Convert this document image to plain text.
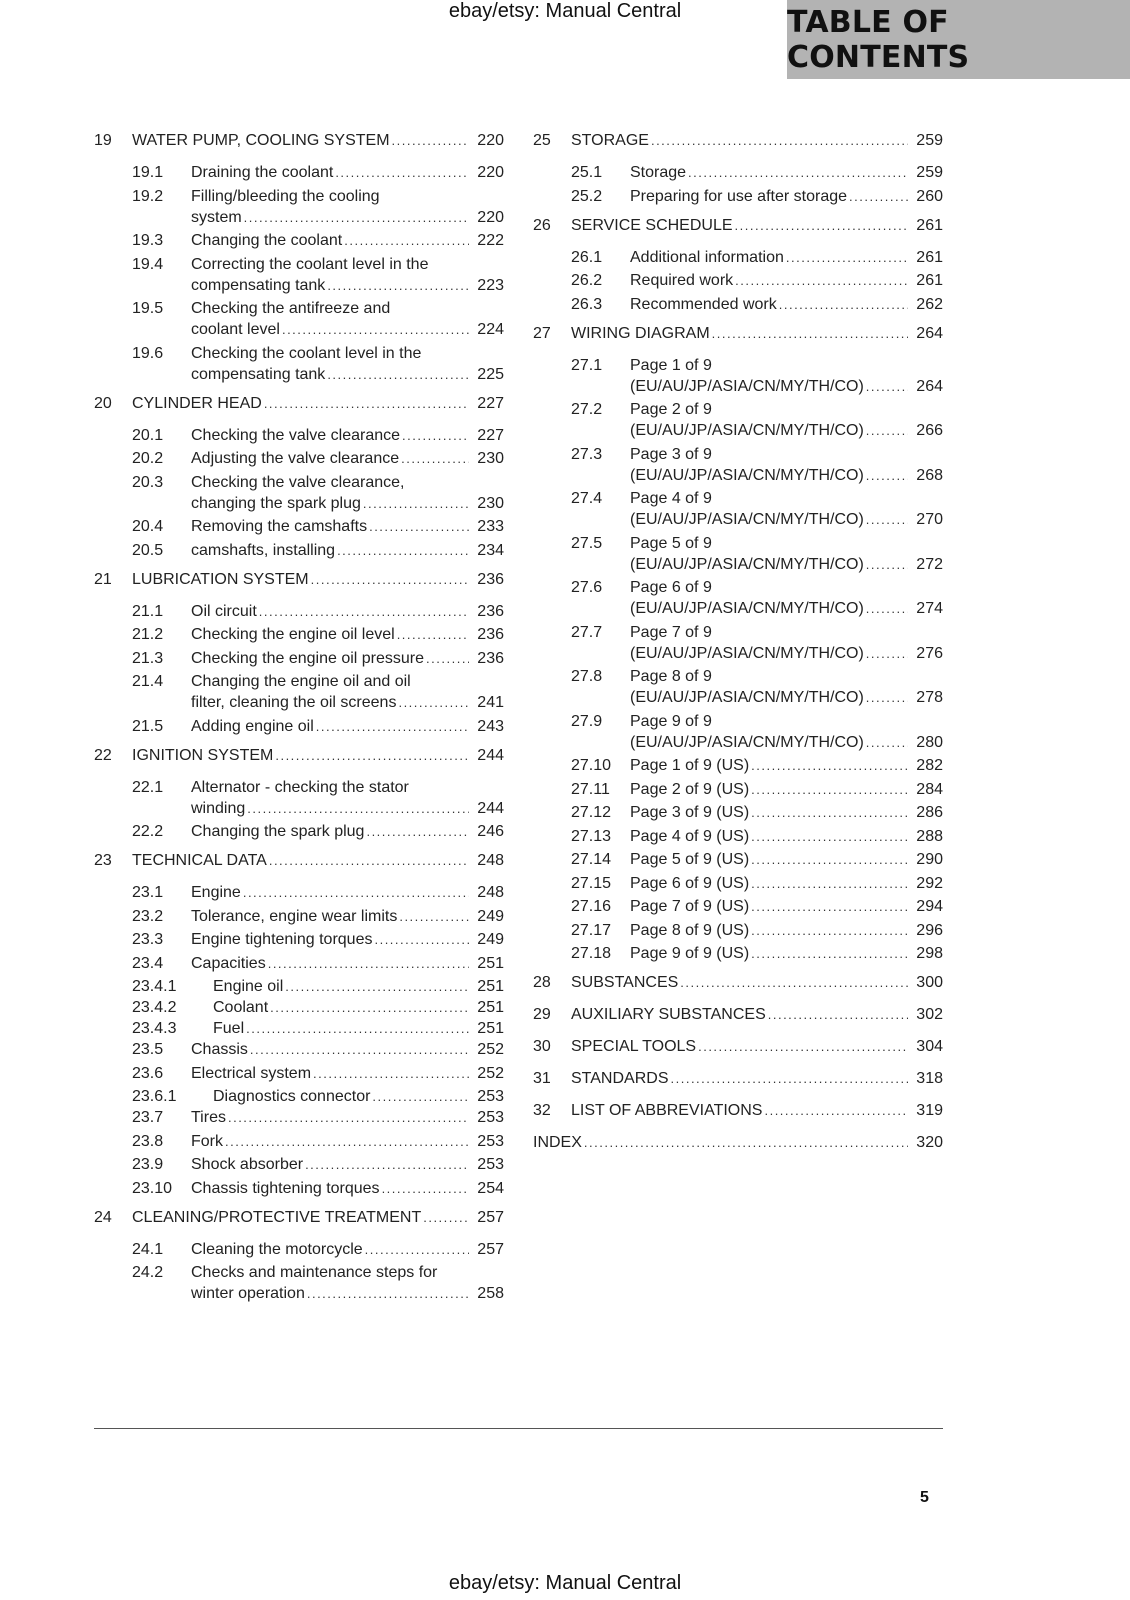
ebay/etsy: Manual Central	TABLE OF CONTENTS
19 WATER PUMP, COOLING SYSTEM .....	220
19.1 Draining the coolant .....	220
19.2 Filling/bleeding the cooling
system .....	220
19.3 Changing the coolant .....	222
19.4 Correcting the coolant level in the
compensating tank .....	223
19.5 Checking the antifreeze and
coolant level .....	224
19.6 Checking the coolant level in the
compensating tank .....	225
20 CYLINDER HEAD .....	227
20.1 Checking the valve clearance .....	227
20.2 Adjusting the valve clearance .....	230
20.3 Checking the valve clearance,
changing the spark plug .....	230
20.4 Removing the camshafts .....	233
20.5 camshafts, installing .....	234
21 LUBRICATION SYSTEM .....	236
21.1 Oil circuit .....	236
21.2 Checking the engine oil level .....	236
21.3 Checking the engine oil pressure .....	236
21.4 Changing the engine oil and oil
filter, cleaning the oil screens .....	241
21.5 Adding engine oil .....	243
22 IGNITION SYSTEM .....	244
22.1 Alternator - checking the stator
winding .....	244
22.2 Changing the spark plug .....	246
23 TECHNICAL DATA .....	248
23.1 Engine .....	248
23.2 Tolerance, engine wear limits .....	249
23.3 Engine tightening torques .....	249
23.4 Capacities .....	251
23.4.1 Engine oil .....	251
23.4.2 Coolant .....	251
23.4.3 Fuel .....	251
23.5 Chassis .....	252
23.6 Electrical system .....	252
23.6.1 Diagnostics connector .....	253
23.7 Tires .....	253
23.8 Fork .....	253
23.9 Shock absorber .....	253
23.10 Chassis tightening torques .....	254
24 CLEANING/PROTECTIVE TREATMENT .....	257
24.1 Cleaning the motorcycle .....	257
24.2 Checks and maintenance steps for
winter operation .....	258
25 STORAGE .....	259
25.1 Storage .....	259
25.2 Preparing for use after storage .....	260
26 SERVICE SCHEDULE .....	261
26.1 Additional information .....	261
26.2 Required work .....	261
26.3 Recommended work .....	262
27 WIRING DIAGRAM .....	264
27.1 Page 1 of 9
(EU/AU/JP/ASIA/CN/MY/TH/CO) .....	264
27.2 Page 2 of 9
(EU/AU/JP/ASIA/CN/MY/TH/CO) .....	266
27.3 Page 3 of 9
(EU/AU/JP/ASIA/CN/MY/TH/CO) .....	268
27.4 Page 4 of 9
(EU/AU/JP/ASIA/CN/MY/TH/CO) .....	270
27.5 Page 5 of 9
(EU/AU/JP/ASIA/CN/MY/TH/CO) .....	272
27.6 Page 6 of 9
(EU/AU/JP/ASIA/CN/MY/TH/CO) .....	274
27.7 Page 7 of 9
(EU/AU/JP/ASIA/CN/MY/TH/CO) .....	276
27.8 Page 8 of 9
(EU/AU/JP/ASIA/CN/MY/TH/CO) .....	278
27.9 Page 9 of 9
(EU/AU/JP/ASIA/CN/MY/TH/CO) .....	280
27.10 Page 1 of 9 (US) .....	282
27.11 Page 2 of 9 (US) .....	284
27.12 Page 3 of 9 (US) .....	286
27.13 Page 4 of 9 (US) .....	288
27.14 Page 5 of 9 (US) .....	290
27.15 Page 6 of 9 (US) .....	292
27.16 Page 7 of 9 (US) .....	294
27.17 Page 8 of 9 (US) .....	296
27.18 Page 9 of 9 (US) .....	298
28 SUBSTANCES .....	300
29 AUXILIARY SUBSTANCES .....	302
30 SPECIAL TOOLS .....	304
31 STANDARDS .....	318
32 LIST OF ABBREVIATIONS .....	319
INDEX .....	320
5
ebay/etsy: Manual Central
